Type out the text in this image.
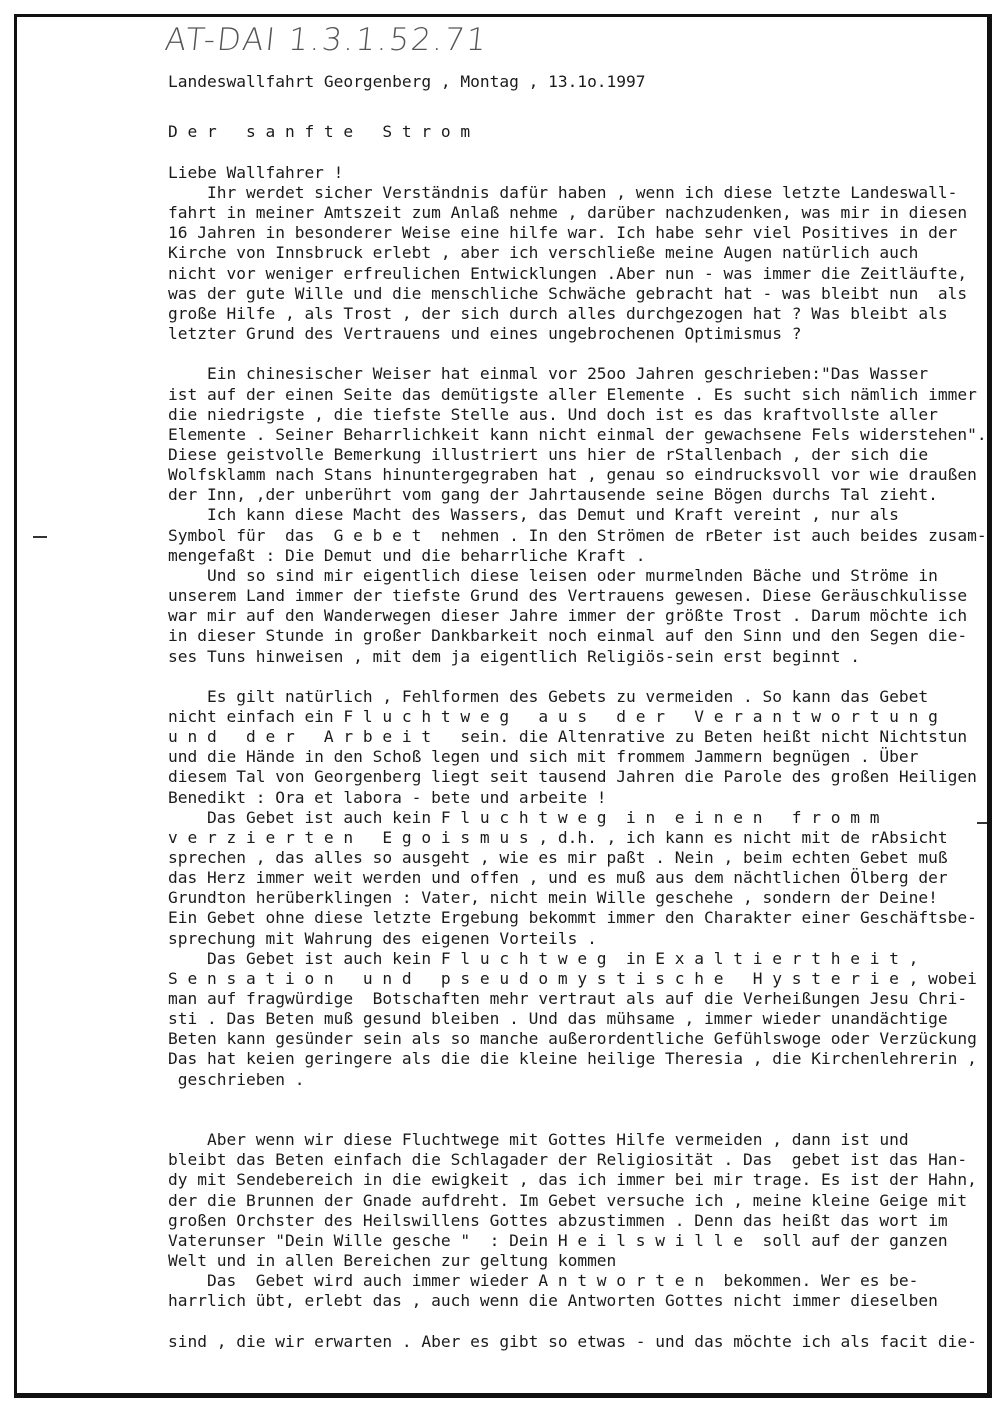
AT-DAI 1.3.1.52.71
Landeswallfahrt Georgenberg , Montag , 13.1o.1997
D e r   s a n f t e   S t r o m
Liebe Wallfahrer !
Ihr werdet sicher Verständnis dafür haben , wenn ich diese letzte Landeswall-
fahrt in meiner Amtszeit zum Anlaß nehme , darüber nachzudenken, was mir in diesen
16 Jahren in besonderer Weise eine hilfe war. Ich habe sehr viel Positives in der
Kirche von Innsbruck erlebt , aber ich verschließe meine Augen natürlich auch
nicht vor weniger erfreulichen Entwicklungen .Aber nun - was immer die Zeitläufte,
was der gute Wille und die menschliche Schwäche gebracht hat - was bleibt nun  als
große Hilfe , als Trost , der sich durch alles durchgezogen hat ? Was bleibt als
letzter Grund des Vertrauens und eines ungebrochenen Optimismus ?
Ein chinesischer Weiser hat einmal vor 25oo Jahren geschrieben:"Das Wasser
ist auf der einen Seite das demütigste aller Elemente . Es sucht sich nämlich immer
die niedrigste , die tiefste Stelle aus. Und doch ist es das kraftvollste aller
Elemente . Seiner Beharrlichkeit kann nicht einmal der gewachsene Fels widerstehen".
Diese geistvolle Bemerkung illustriert uns hier de rStallenbach , der sich die
Wolfsklamm nach Stans hinuntergegraben hat , genau so eindrucksvoll vor wie draußen
der Inn, ,der unberührt vom gang der Jahrtausende seine Bögen durchs Tal zieht.
Ich kann diese Macht des Wassers, das Demut und Kraft vereint , nur als
Symbol für  das  G e b e t  nehmen . In den Strömen de rBeter ist auch beides zusam-
mengefaßt : Die Demut und die beharrliche Kraft .
Und so sind mir eigentlich diese leisen oder murmelnden Bäche und Ströme in
unserem Land immer der tiefste Grund des Vertrauens gewesen. Diese Geräuschkulisse
war mir auf den Wanderwegen dieser Jahre immer der größte Trost . Darum möchte ich
in dieser Stunde in großer Dankbarkeit noch einmal auf den Sinn und den Segen die-
ses Tuns hinweisen , mit dem ja eigentlich Religiös-sein erst beginnt .
Es gilt natürlich , Fehlformen des Gebets zu vermeiden . So kann das Gebet
nicht einfach ein F l u c h t w e g   a u s   d e r   V e r a n t w o r t u n g
u n d   d e r   A r b e i t   sein. die Altenrative zu Beten heißt nicht Nichtstun
und die Hände in den Schoß legen und sich mit frommem Jammern begnügen . Über
diesem Tal von Georgenberg liegt seit tausend Jahren die Parole des großen Heiligen
Benedikt : Ora et labora - bete und arbeite !
Das Gebet ist auch kein F l u c h t w e g  i n  e i n e n   f r o m m
v e r z i e r t e n   E g o i s m u s , d.h. , ich kann es nicht mit de rAbsicht
sprechen , das alles so ausgeht , wie es mir paßt . Nein , beim echten Gebet muß
das Herz immer weit werden und offen , und es muß aus dem nächtlichen Ölberg der
Grundton herüberklingen : Vater, nicht mein Wille geschehe , sondern der Deine!
Ein Gebet ohne diese letzte Ergebung bekommt immer den Charakter einer Geschäftsbe-
sprechung mit Wahrung des eigenen Vorteils .
Das Gebet ist auch kein F l u c h t w e g  in E x a l t i e r t h e i t ,
S e n s a t i o n   u n d   p s e u d o m y s t i s c h e   H y s t e r i e , wobei
man auf fragwürdige  Botschaften mehr vertraut als auf die Verheißungen Jesu Chri-
sti . Das Beten muß gesund bleiben . Und das mühsame , immer wieder unandächtige
Beten kann gesünder sein als so manche außerordentliche Gefühlswoge oder Verzückung
Das hat keien geringere als die die kleine heilige Theresia , die Kirchenlehrerin ,
geschrieben .
Aber wenn wir diese Fluchtwege mit Gottes Hilfe vermeiden , dann ist und
bleibt das Beten einfach die Schlagader der Religiosität . Das  gebet ist das Han-
dy mit Sendebereich in die ewigkeit , das ich immer bei mir trage. Es ist der Hahn,
der die Brunnen der Gnade aufdreht. Im Gebet versuche ich , meine kleine Geige mit
großen Orchster des Heilswillens Gottes abzustimmen . Denn das heißt das wort im
Vaterunser "Dein Wille gesche "  : Dein H e i l s w i l l e  soll auf der ganzen
Welt und in allen Bereichen zur geltung kommen
Das  Gebet wird auch immer wieder A n t w o r t e n  bekommen. Wer es be-
harrlich übt, erlebt das , auch wenn die Antworten Gottes nicht immer dieselben
sind , die wir erwarten . Aber es gibt so etwas - und das möchte ich als facit die-
